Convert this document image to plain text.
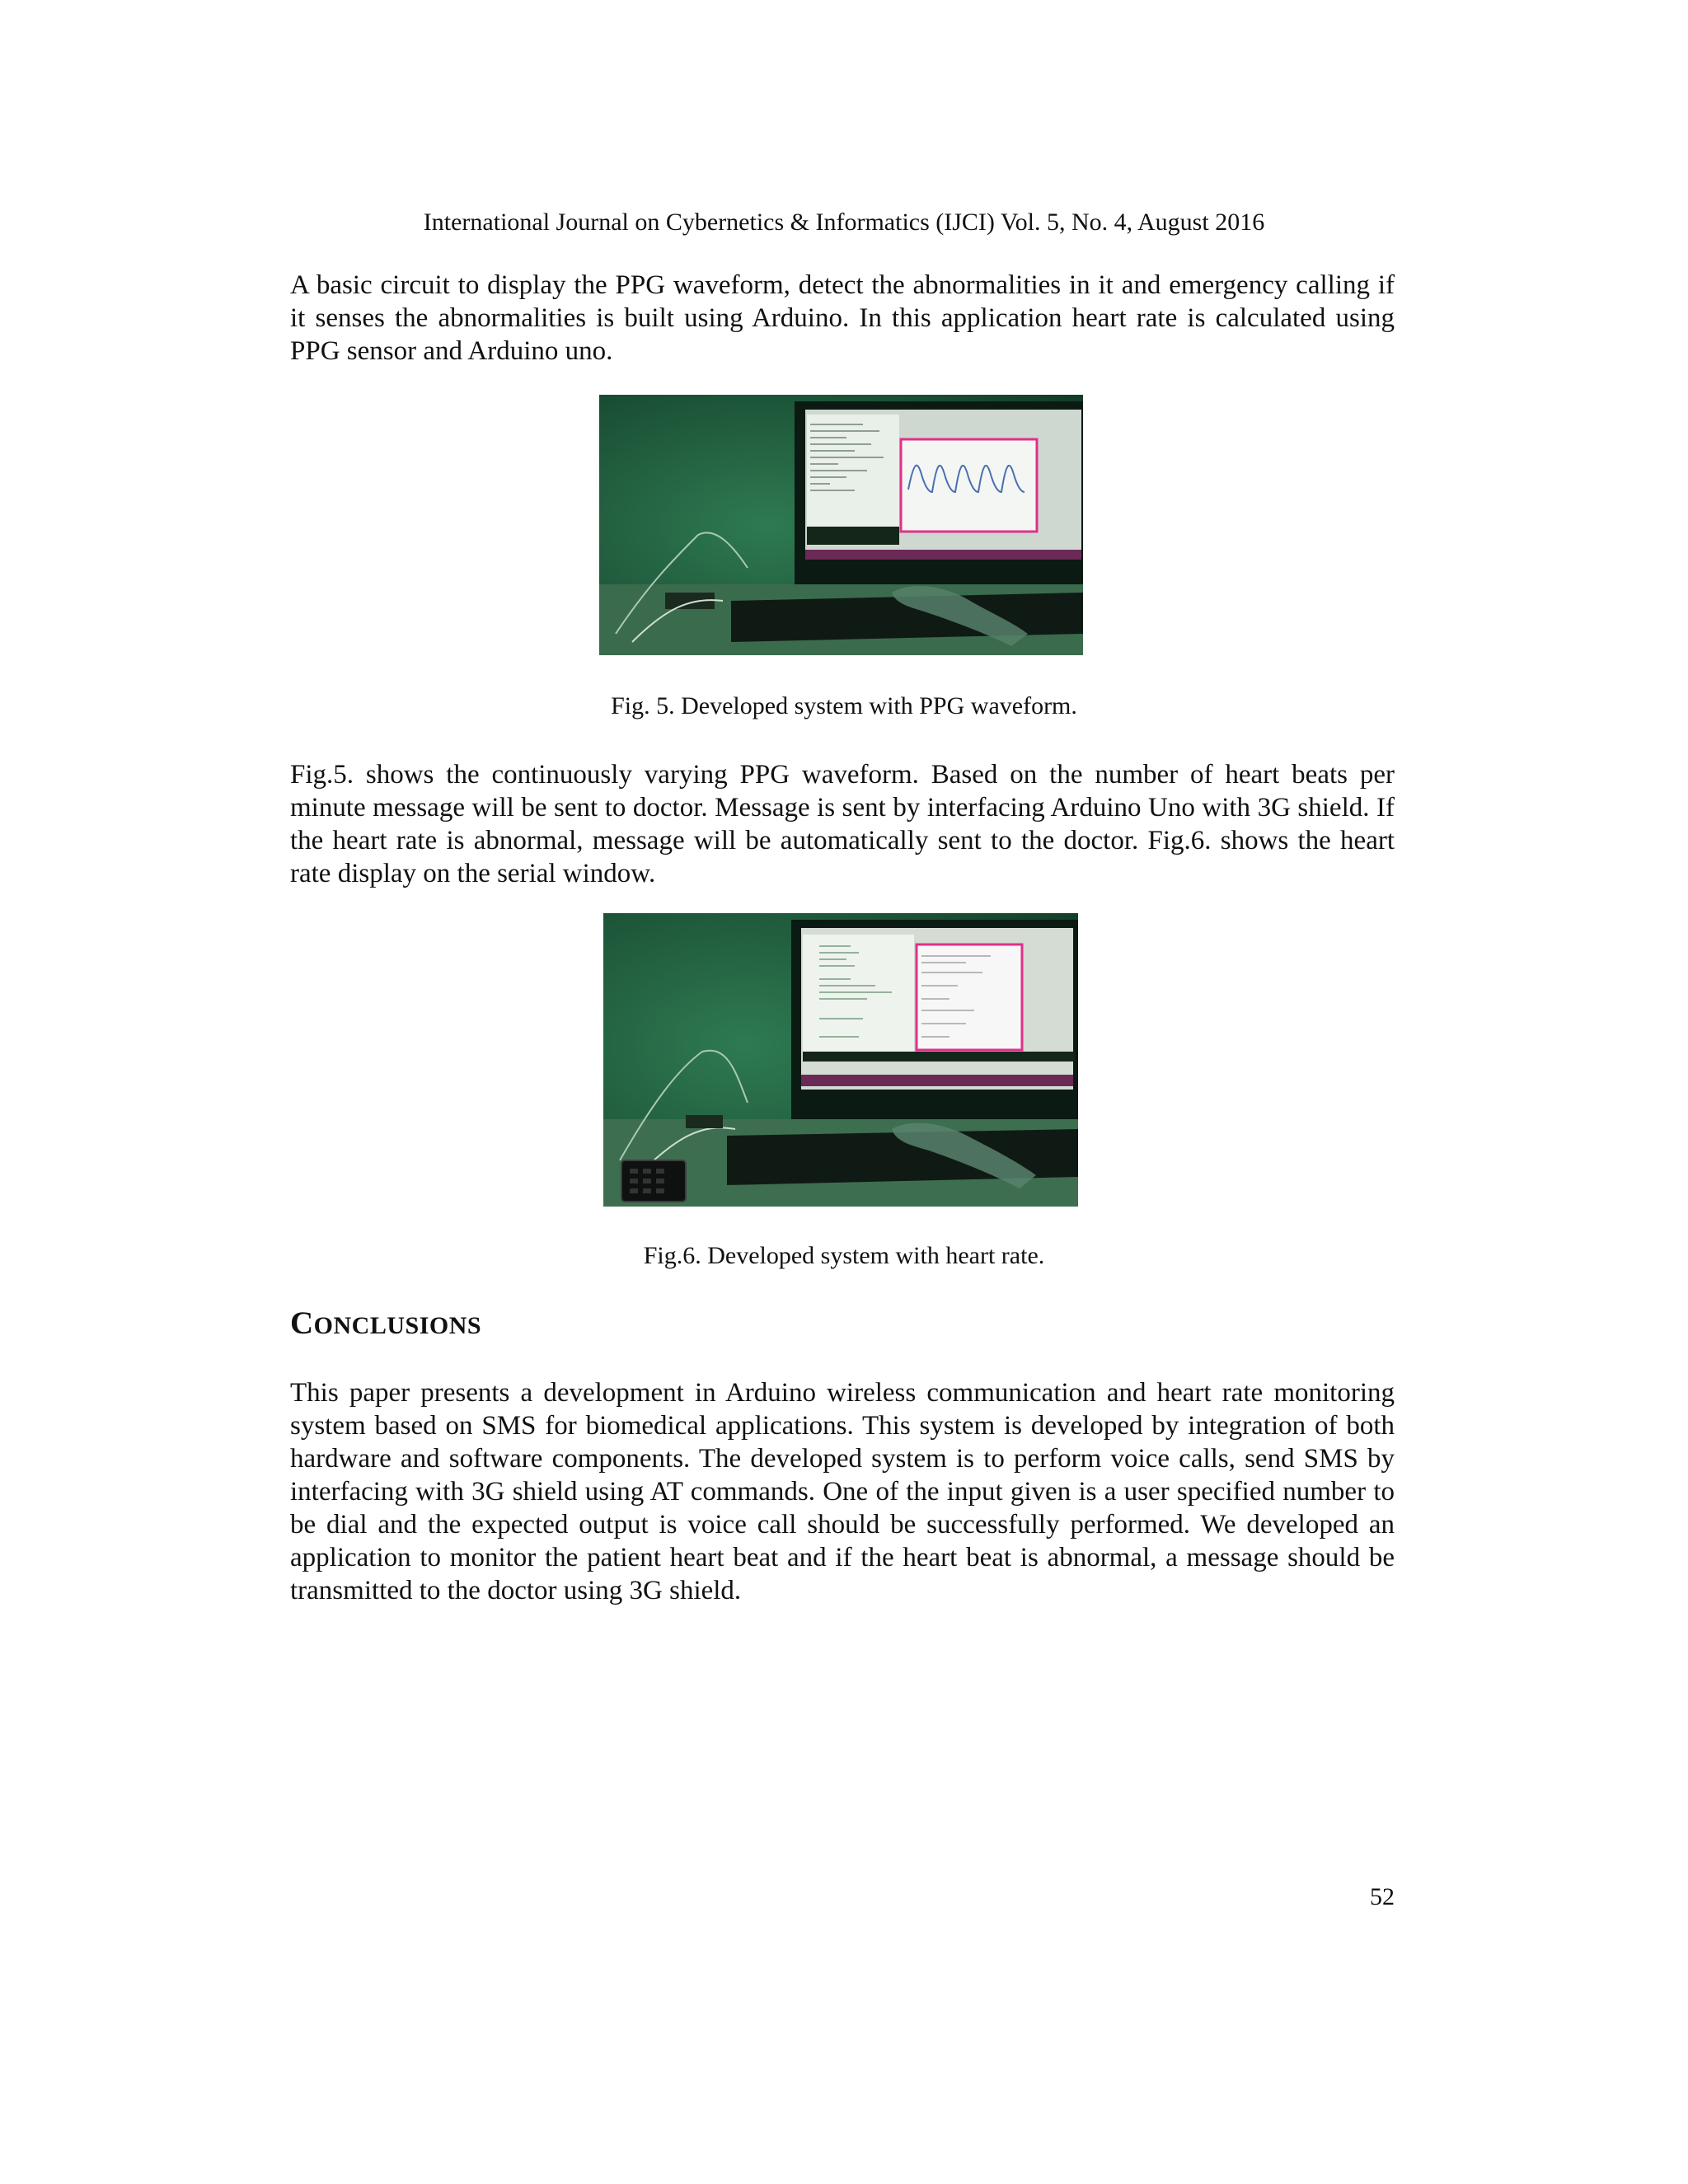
International Journal on Cybernetics & Informatics (IJCI) Vol. 5, No. 4, August 2016

A basic circuit to display the PPG waveform, detect the abnormalities in it and emergency calling if it senses the abnormalities is built using Arduino. In this application heart rate is calculated using PPG sensor and Arduino uno.

Fig. 5. Developed system with PPG waveform.

Fig.5. shows the continuously varying PPG waveform. Based on the number of heart beats per minute message will be sent to doctor. Message is sent by interfacing Arduino Uno with 3G shield. If the heart rate is abnormal, message will be automatically sent to the doctor. Fig.6. shows the heart rate display on the serial window.

Fig.6. Developed system with heart rate.
CONCLUSIONS

This paper presents a development in Arduino wireless communication and heart rate monitoring system based on SMS for biomedical applications. This system is developed by integration of both hardware and software components. The developed system is to perform voice calls, send SMS by interfacing with 3G shield using AT commands. One of the input given is a user specified number to be dial and the expected output is voice call should be successfully performed. We developed an application to monitor the patient heart beat and if the heart beat is abnormal, a message should be transmitted to the doctor using 3G shield.

52
